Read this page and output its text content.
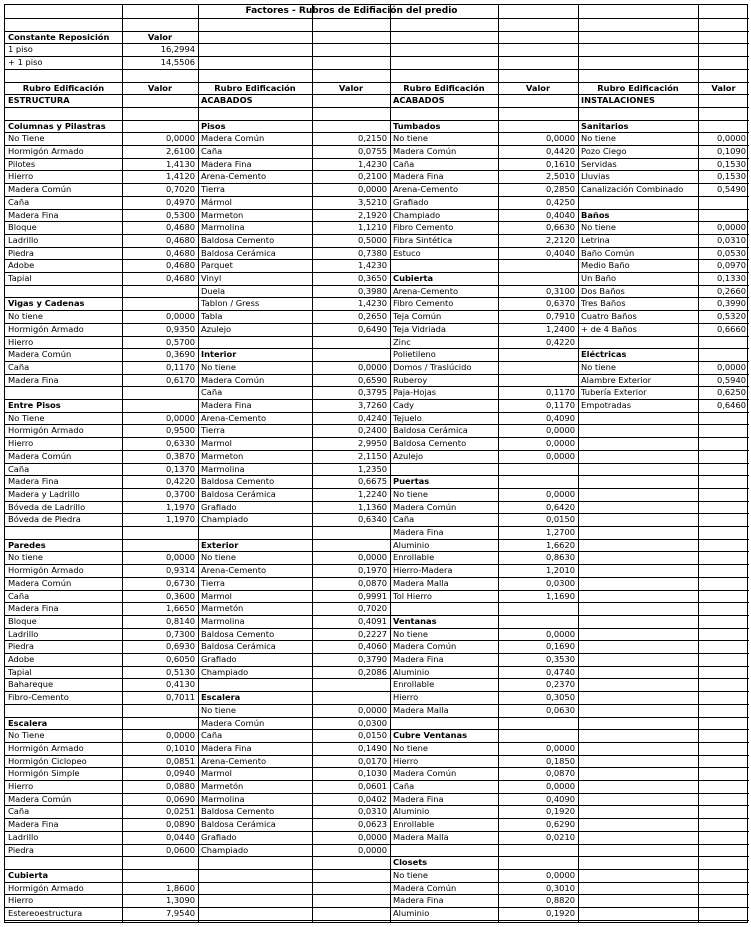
Factores - Rubros de Edifiación del predio
Constante Reposición	Valor
1 piso	16,2994
+ 1 piso	14,5506
Rubro Edificación	Valor
ESTRUCTURA
Columnas y Pilastras
No Tiene	0,0000
Hormigón Armado	2,6100
Pilotes	1,4130
Hierro	1,4120
Madera Común	0,7020
Caña	0,4970
Madera Fina	0,5300
Bloque	0,4680
Ladrillo	0,4680
Piedra	0,4680
Adobe	0,4680
Tapial	0,4680
Vigas y Cadenas
No tiene	0,0000
Hormigón Armado	0,9350
Hierro	0,5700
Madera Común	0,3690
Caña	0,1170
Madera Fina	0,6170
Entre Pisos
No Tiene	0,0000
Hormigón Armado	0,9500
Hierro	0,6330
Madera Común	0,3870
Caña	0,1370
Madera Fina	0,4220
Madera y Ladrillo	0,3700
Bóveda de Ladrillo	1,1970
Bóveda de Piedra	1,1970
Paredes
No tiene	0,0000
Hormigón Armado	0,9314
Madera Común	0,6730
Caña	0,3600
Madera Fina	1,6650
Bloque	0,8140
Ladrillo	0,7300
Piedra	0,6930
Adobe	0,6050
Tapial	0,5130
Bahareque	0,4130
Fibro-Cemento	0,7011
Escalera
No Tiene	0,0000
Hormigón Armado	0,1010
Hormigón Ciclopeo	0,0851
Hormigón Simple	0,0940
Hierro	0,0880
Madera Común	0,0690
Caña	0,0251
Madera Fina	0,0890
Ladrillo	0,0440
Piedra	0,0600
Cubierta
Hormigón Armado	1,8600
Hierro	1,3090
Estereoestructura	7,9540
Rubro Edificación	Valor
ACABADOS
Pisos
Madera Común	0,2150
Caña	0,0755
Madera Fina	1,4230
Arena-Cemento	0,2100
Tierra	0,0000
Mármol	3,5210
Marmeton	2,1920
Marmolina	1,1210
Baldosa Cemento	0,5000
Baldosa Cerámica	0,7380
Parquet	1,4230
Vinyl	0,3650
Duela	0,3980
Tablon / Gress	1,4230
Tabla	0,2650
Azulejo	0,6490
Interior
No tiene	0,0000
Madera Común	0,6590
Caña	0,3795
Madera Fina	3,7260
Arena-Cemento	0,4240
Tierra	0,2400
Marmol	2,9950
Marmeton	2,1150
Marmolina	1,2350
Baldosa Cemento	0,6675
Baldosa Cerámica	1,2240
Grafiado	1,1360
Champiado	0,6340
Exterior
No tiene	0,0000
Arena-Cemento	0,1970
Tierra	0,0870
Marmol	0,9991
Marmetón	0,7020
Marmolina	0,4091
Baldosa Cemento	0,2227
Baldosa Cerámica	0,4060
Grafiado	0,3790
Champiado	0,2086
Escalera
No tiene	0,0000
Madera Común	0,0300
Caña	0,0150
Madera Fina	0,1490
Arena-Cemento	0,0170
Marmol	0,1030
Marmetón	0,0601
Marmolina	0,0402
Baldosa Cemento	0,0310
Baldosa Cerámica	0,0623
Grafiado	0,0000
Champiado	0,0000
Rubro Edificación	Valor
ACABADOS
Tumbados
No tiene	0,0000
Madera Común	0,4420
Caña	0,1610
Madera Fina	2,5010
Arena-Cemento	0,2850
Grafiado	0,4250
Champiado	0,4040
Fibro Cemento	0,6630
Fibra Sintética	2,2120
Estuco	0,4040
Cubierta
Arena-Cemento	0,3100
Fibro Cemento	0,6370
Teja Común	0,7910
Teja Vidriada	1,2400
Zinc	0,4220
Polietileno
Domos / Traslúcido
Ruberoy
Paja-Hojas	0,1170
Cady	0,1170
Tejuelo	0,4090
Baldosa Cerámica	0,0000
Baldosa Cemento	0,0000
Azulejo	0,0000
Puertas
No tiene	0,0000
Madera Común	0,6420
Caña	0,0150
Madera Fina	1,2700
Aluminio	1,6620
Enrollable	0,8630
Hierro-Madera	1,2010
Madera Malla	0,0300
Tol Hierro	1,1690
Ventanas
No tiene	0,0000
Madera Común	0,1690
Madera Fina	0,3530
Aluminio	0,4740
Enrollable	0,2370
Hierro	0,3050
Madera Malla	0,0630
Cubre Ventanas
No tiene	0,0000
Hierro	0,1850
Madera Común	0,0870
Caña	0,0000
Madera Fina	0,4090
Aluminio	0,1920
Enrollable	0,6290
Madera Malla	0,0210
Closets
No tiene	0,0000
Madera Común	0,3010
Madera Fina	0,8820
Aluminio	0,1920
Rubro Edificación	Valor
INSTALACIONES
Sanitarios
No tiene	0,0000
Pozo Ciego	0,1090
Servidas	0,1530
Lluvias	0,1530
Canalización Combinado	0,5490
Baños
No tiene	0,0000
Letrina	0,0310
Baño Común	0,0530
Medio Baño	0,0970
Un Baño	0,1330
Dos Baños	0,2660
Tres Baños	0,3990
Cuatro Baños	0,5320
+ de 4 Baños	0,6660
Eléctricas
No tiene	0,0000
Alambre Exterior	0,5940
Tubería Exterior	0,6250
Empotradas	0,6460
